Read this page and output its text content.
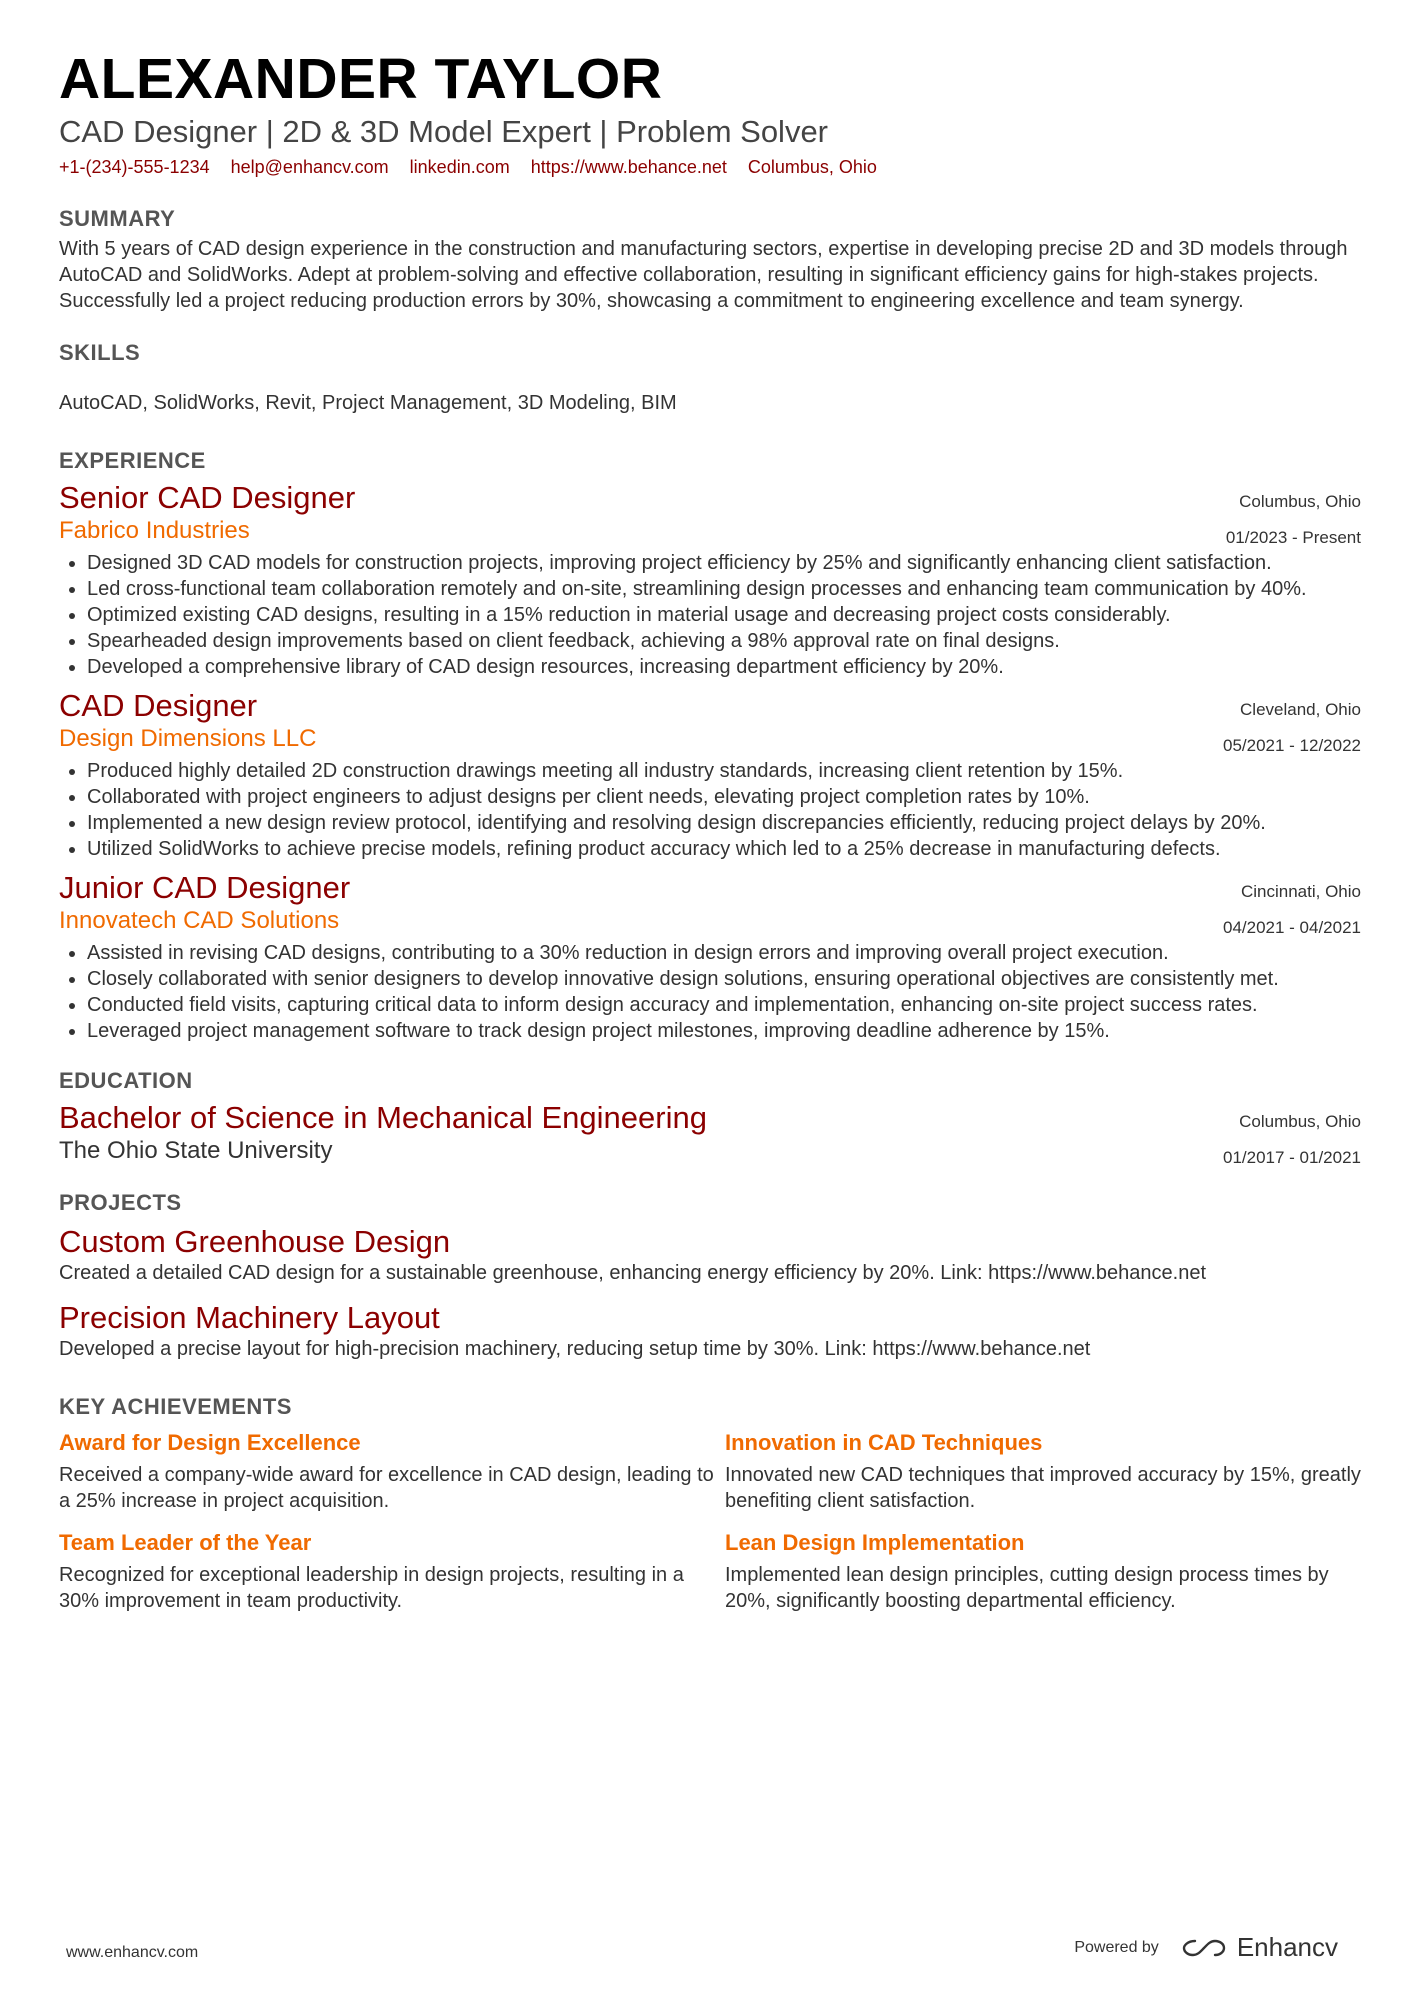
ALEXANDER TAYLOR
CAD Designer | 2D & 3D Model Expert | Problem Solver
+1-(234)-555-1234 help@enhancv.com linkedin.com https://www.behance.net Columbus, Ohio
SUMMARY
With 5 years of CAD design experience in the construction and manufacturing sectors, expertise in developing precise 2D and 3D models through AutoCAD and SolidWorks. Adept at problem-solving and effective collaboration, resulting in significant efficiency gains for high-stakes projects. Successfully led a project reducing production errors by 30%, showcasing a commitment to engineering excellence and team synergy.
SKILLS
AutoCAD, SolidWorks, Revit, Project Management, 3D Modeling, BIM
EXPERIENCE
Senior CAD Designer
Fabrico Industries
Columbus, Ohio
01/2023 - Present
• Designed 3D CAD models for construction projects, improving project efficiency by 25% and significantly enhancing client satisfaction.
• Led cross-functional team collaboration remotely and on-site, streamlining design processes and enhancing team communication by 40%.
• Optimized existing CAD designs, resulting in a 15% reduction in material usage and decreasing project costs considerably.
• Spearheaded design improvements based on client feedback, achieving a 98% approval rate on final designs.
• Developed a comprehensive library of CAD design resources, increasing department efficiency by 20%.
CAD Designer
Design Dimensions LLC
Cleveland, Ohio
05/2021 - 12/2022
• Produced highly detailed 2D construction drawings meeting all industry standards, increasing client retention by 15%.
• Collaborated with project engineers to adjust designs per client needs, elevating project completion rates by 10%.
• Implemented a new design review protocol, identifying and resolving design discrepancies efficiently, reducing project delays by 20%.
• Utilized SolidWorks to achieve precise models, refining product accuracy which led to a 25% decrease in manufacturing defects.
Junior CAD Designer
Innovatech CAD Solutions
Cincinnati, Ohio
04/2021 - 04/2021
• Assisted in revising CAD designs, contributing to a 30% reduction in design errors and improving overall project execution.
• Closely collaborated with senior designers to develop innovative design solutions, ensuring operational objectives are consistently met.
• Conducted field visits, capturing critical data to inform design accuracy and implementation, enhancing on-site project success rates.
• Leveraged project management software to track design project milestones, improving deadline adherence by 15%.
EDUCATION
Bachelor of Science in Mechanical Engineering
The Ohio State University
Columbus, Ohio
01/2017 - 01/2021
PROJECTS
Custom Greenhouse Design
Created a detailed CAD design for a sustainable greenhouse, enhancing energy efficiency by 20%. Link: https://www.behance.net
Precision Machinery Layout
Developed a precise layout for high-precision machinery, reducing setup time by 30%. Link: https://www.behance.net
KEY ACHIEVEMENTS
Award for Design Excellence
Received a company-wide award for excellence in CAD design, leading to a 25% increase in project acquisition.
Innovation in CAD Techniques
Innovated new CAD techniques that improved accuracy by 15%, greatly benefiting client satisfaction.
Team Leader of the Year
Recognized for exceptional leadership in design projects, resulting in a 30% improvement in team productivity.
Lean Design Implementation
Implemented lean design principles, cutting design process times by 20%, significantly boosting departmental efficiency.
www.enhancv.com	Powered by	Enhancv
